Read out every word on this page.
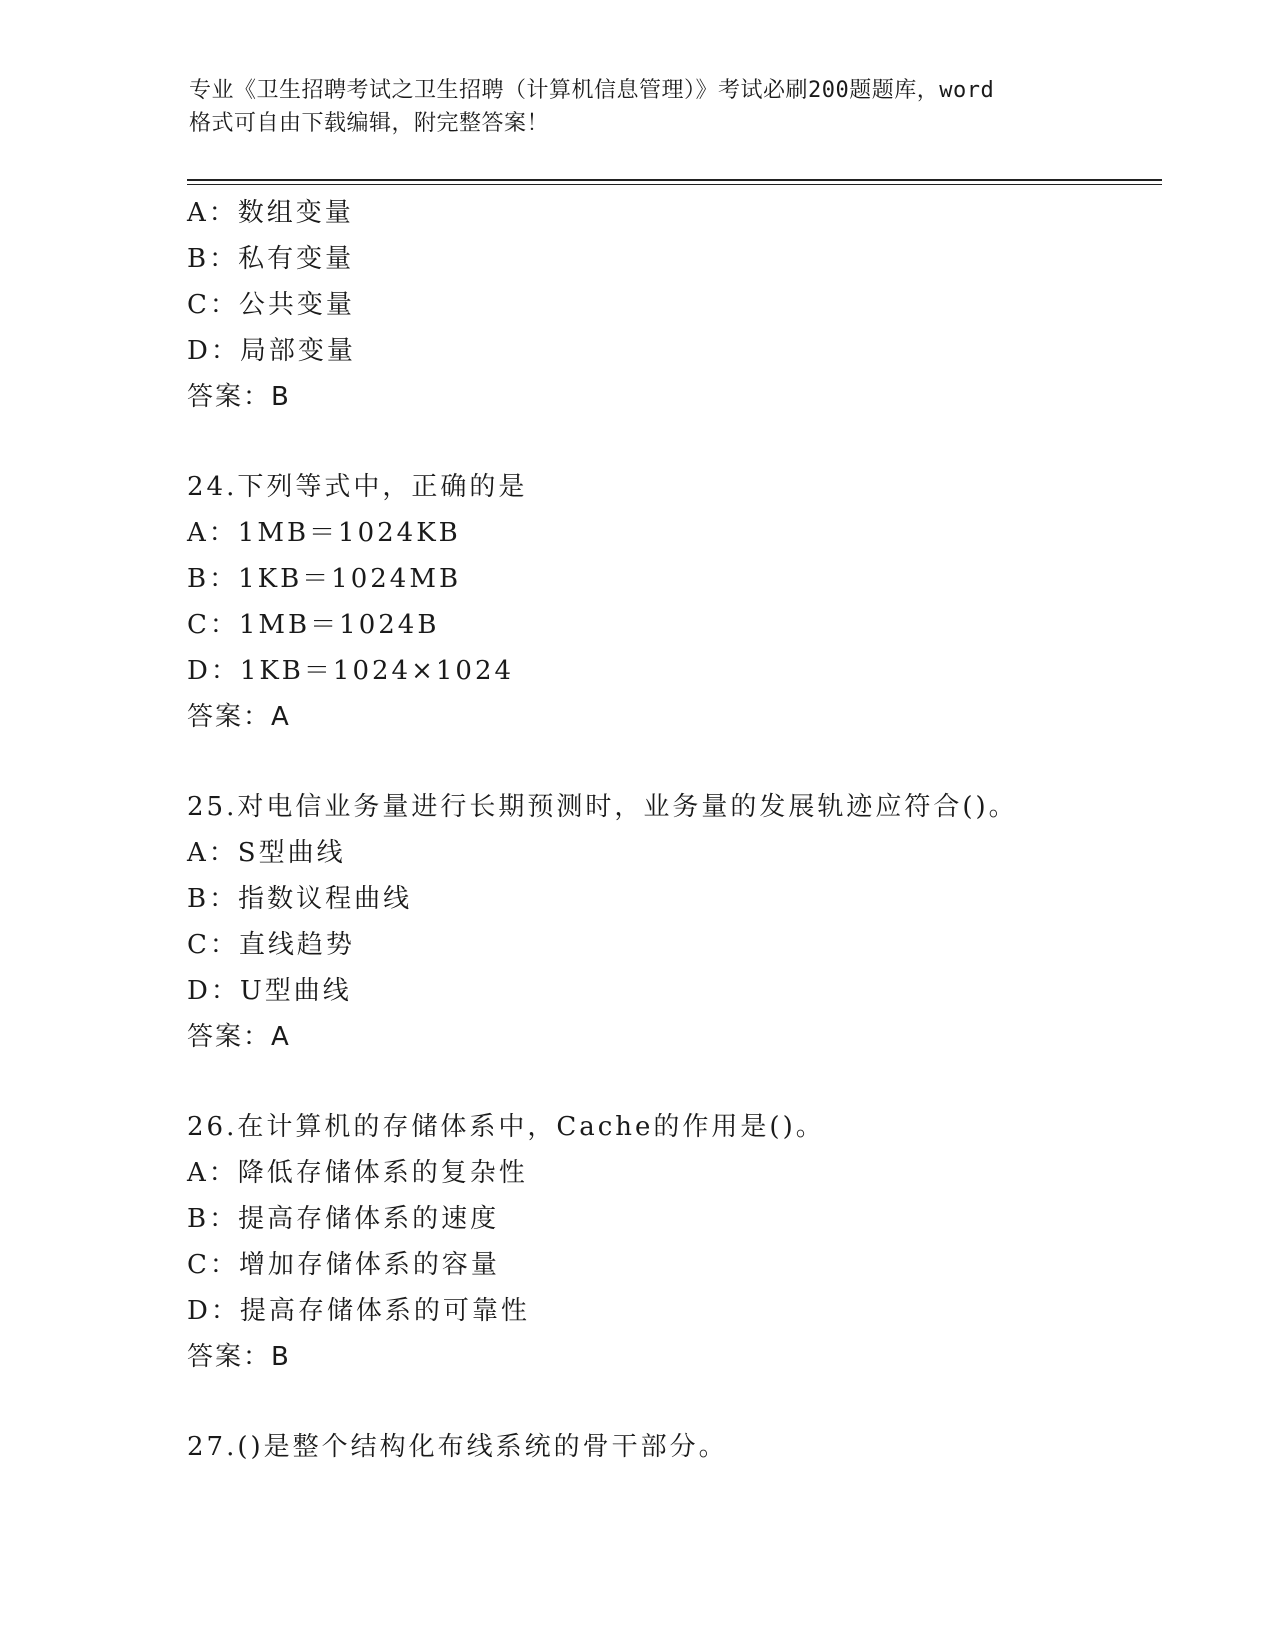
专业《卫生招聘考试之卫生招聘（计算机信息管理）》考试必刷200题题库，word
格式可自由下载编辑，附完整答案！
A：数组变量
B：私有变量
C：公共变量
D：局部变量
答案：B
24.下列等式中，正确的是
A：1MB＝1024KB
B：1KB＝1024MB
C：1MB＝1024B
D：1KB＝1024×1024
答案：A
25.对电信业务量进行长期预测时，业务量的发展轨迹应符合()。
A：S型曲线
B：指数议程曲线
C：直线趋势
D：U型曲线
答案：A
26.在计算机的存储体系中，Cache的作用是()。
A：降低存储体系的复杂性
B：提高存储体系的速度
C：增加存储体系的容量
D：提高存储体系的可靠性
答案：B
27.()是整个结构化布线系统的骨干部分。
